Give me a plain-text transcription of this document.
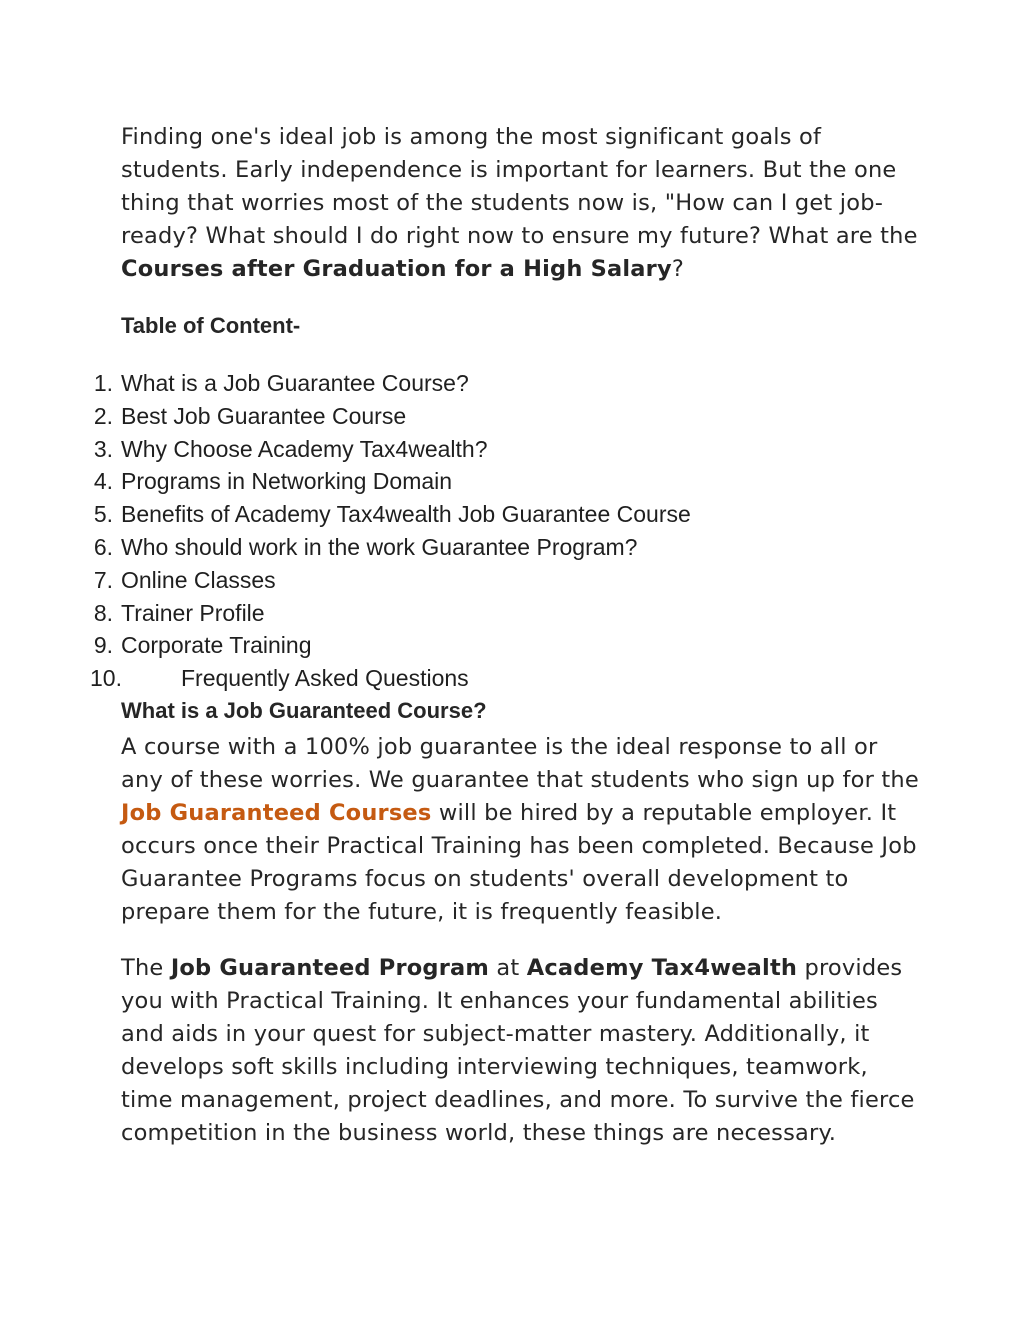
Finding one's ideal job is among the most significant goals of students. Early independence is important for learners. But the one thing that worries most of the students now is, "How can I get job-ready? What should I do right now to ensure my future? What are the Courses after Graduation for a High Salary?

Table of Content-
1. What is a Job Guarantee Course?
2. Best Job Guarantee Course
3. Why Choose Academy Tax4wealth?
4. Programs in Networking Domain
5. Benefits of Academy Tax4wealth Job Guarantee Course
6. Who should work in the work Guarantee Program?
7. Online Classes
8. Trainer Profile
9. Corporate Training
10.	Frequently Asked Questions
What is a Job Guaranteed Course?

A course with a 100% job guarantee is the ideal response to all or any of these worries. We guarantee that students who sign up for the Job Guaranteed Courses will be hired by a reputable employer. It occurs once their Practical Training has been completed. Because Job Guarantee Programs focus on students' overall development to prepare them for the future, it is frequently feasible.

The Job Guaranteed Program at Academy Tax4wealth provides you with Practical Training. It enhances your fundamental abilities and aids in your quest for subject-matter mastery. Additionally, it develops soft skills including interviewing techniques, teamwork, time management, project deadlines, and more. To survive the fierce competition in the business world, these things are necessary.
